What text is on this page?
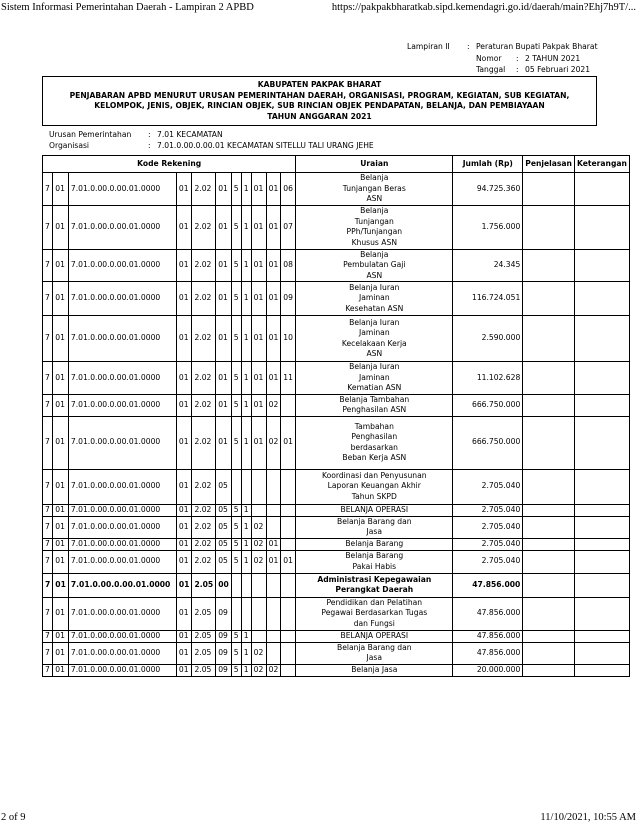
Sistem Informasi Pemerintahan Daerah - Lampiran 2 APBD	https://pakpakbharatkab.sipd.kemendagri.go.id/daerah/main?Ehj7h9T/...
Lampiran II	: Peraturan Bupati Pakpak Bharat
Nomor	: 2 TAHUN 2021
Tanggal	: 05 Februari 2021
KABUPATEN PAKPAK BHARAT
PENJABARAN APBD MENURUT URUSAN PEMERINTAHAN DAERAH, ORGANISASI, PROGRAM, KEGIATAN, SUB KEGIATAN,
KELOMPOK, JENIS, OBJEK, RINCIAN OBJEK, SUB RINCIAN OBJEK PENDAPATAN, BELANJA, DAN PEMBIAYAAN
TAHUN ANGGARAN 2021
Urusan Pemerintahan	: 7.01 KECAMATAN
Organisasi	: 7.01.0.00.0.00.01 KECAMATAN SITELLU TALI URANG JEHE
Kode Rekening											Uraian	Jumlah (Rp)	Penjelasan	Keterangan
7	01	7.01.0.00.0.00.01.0000	01	2.02	01	5	1	01	01	06	Belanja
Tunjangan Beras
ASN	94.725.360		
7	01	7.01.0.00.0.00.01.0000	01	2.02	01	5	1	01	01	07	Belanja
Tunjangan
PPh/Tunjangan
Khusus ASN	1.756.000		
7	01	7.01.0.00.0.00.01.0000	01	2.02	01	5	1	01	01	08	Belanja
Pembulatan Gaji
ASN	24.345		
7	01	7.01.0.00.0.00.01.0000	01	2.02	01	5	1	01	01	09	Belanja Iuran
Jaminan
Kesehatan ASN	116.724.051		
7	01	7.01.0.00.0.00.01.0000	01	2.02	01	5	1	01	01	10	Belanja Iuran
Jaminan
Kecelakaan Kerja
ASN	2.590.000		
7	01	7.01.0.00.0.00.01.0000	01	2.02	01	5	1	01	01	11	Belanja Iuran
Jaminan
Kematian ASN	11.102.628		
7	01	7.01.0.00.0.00.01.0000	01	2.02	01	5	1	01	02		Belanja Tambahan
Penghasilan ASN	666.750.000		
7	01	7.01.0.00.0.00.01.0000	01	2.02	01	5	1	01	02	01	Tambahan
Penghasilan
berdasarkan
Beban Kerja ASN	666.750.000		
7	01	7.01.0.00.0.00.01.0000	01	2.02	05						Koordinasi dan Penyusunan
Laporan Keuangan Akhir
Tahun SKPD	2.705.040		
7	01	7.01.0.00.0.00.01.0000	01	2.02	05	5	1				BELANJA OPERASI	2.705.040		
7	01	7.01.0.00.0.00.01.0000	01	2.02	05	5	1	02			Belanja Barang dan
Jasa	2.705.040		
7	01	7.01.0.00.0.00.01.0000	01	2.02	05	5	1	02	01		Belanja Barang	2.705.040		
7	01	7.01.0.00.0.00.01.0000	01	2.02	05	5	1	02	01	01	Belanja Barang
Pakai Habis	2.705.040		
7	01	7.01.0.00.0.00.01.0000	01	2.05	00						Administrasi Kepegawaian
Perangkat Daerah	47.856.000		
7	01	7.01.0.00.0.00.01.0000	01	2.05	09						Pendidikan dan Pelatihan
Pegawai Berdasarkan Tugas
dan Fungsi	47.856.000		
7	01	7.01.0.00.0.00.01.0000	01	2.05	09	5	1				BELANJA OPERASI	47.856.000		
7	01	7.01.0.00.0.00.01.0000	01	2.05	09	5	1	02			Belanja Barang dan
Jasa	47.856.000		
7	01	7.01.0.00.0.00.01.0000	01	2.05	09	5	1	02	02		Belanja Jasa	20.000.000		
2 of 9	11/10/2021, 10:55 AM
